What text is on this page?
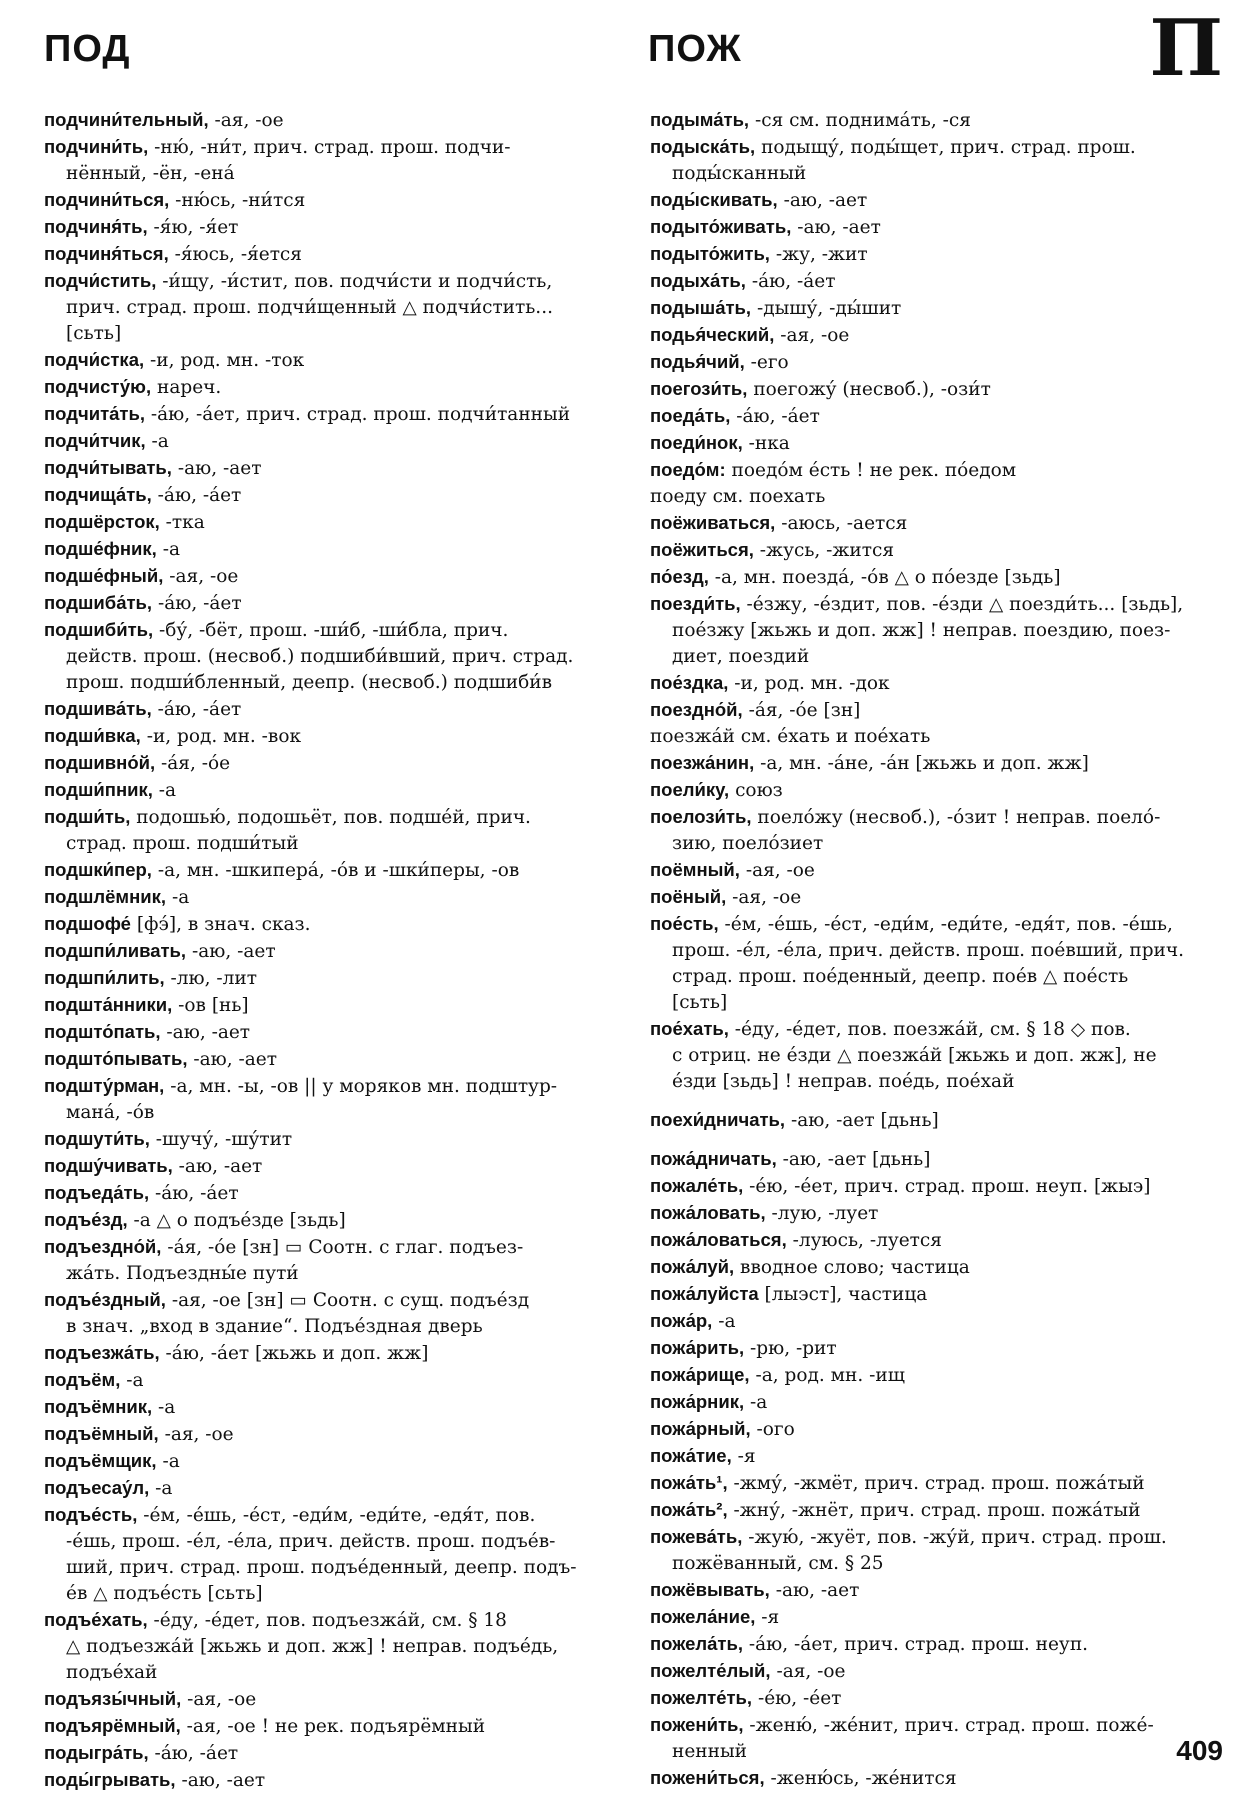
ПОД	ПОЖ	П
подчини́тельный, -ая, -ое
подчини́ть, -ню́, -ни́т, прич. страд. прош. подчи-
нённый, -ён, -ена́
подчини́ться, -ню́сь, -ни́тся
подчиня́ть, -я́ю, -я́ет
подчиня́ться, -я́юсь, -я́ется
подчи́стить, -и́щу, -и́стит, пов. подчи́сти и подчи́сть,
прич. страд. прош. подчи́щенный △ подчи́стить...
[сьть]
подчи́стка, -и, род. мн. -ток
подчисту́ю, нареч.
подчита́ть, -а́ю, -а́ет, прич. страд. прош. подчи́танный
подчи́тчик, -а
подчи́тывать, -аю, -ает
подчища́ть, -а́ю, -а́ет
подшёрсток, -тка
подше́фник, -а
подше́фный, -ая, -ое
подшиба́ть, -а́ю, -а́ет
подшиби́ть, -бу́, -бёт, прош. -ши́б, -ши́бла, прич.
действ. прош. (несвоб.) подшиби́вший, прич. страд.
прош. подши́бленный, деепр. (несвоб.) подшиби́в
подшива́ть, -а́ю, -а́ет
подши́вка, -и, род. мн. -вок
подшивно́й, -а́я, -о́е
подши́пник, -а
подши́ть, подошью́, подошьёт, пов. подше́й, прич.
страд. прош. подши́тый
подшки́пер, -а, мн. -шкипера́, -о́в и -шки́перы, -ов
подшлёмник, -а
подшофе́ [фэ́], в знач. сказ.
подшпи́ливать, -аю, -ает
подшпи́лить, -лю, -лит
подшта́нники, -ов [нь]
подшто́пать, -аю, -ает
подшто́пывать, -аю, -ает
подшту́рман, -а, мн. -ы, -ов || у моряков мн. подштур-
мана́, -о́в
подшути́ть, -шучу́, -шу́тит
подшу́чивать, -аю, -ает
подъеда́ть, -а́ю, -а́ет
подъе́зд, -а △ о подъе́зде [зьдь]
подъездно́й, -а́я, -о́е [зн] ▭ Соотн. с глаг. подъез-
жа́ть. Подъездны́е пути́
подъе́здный, -ая, -ое [зн] ▭ Соотн. с сущ. подъе́зд
в знач. „вход в здание“. Подъе́здная дверь
подъезжа́ть, -а́ю, -а́ет [жьжь и доп. жж]
подъём, -а
подъёмник, -а
подъёмный, -ая, -ое
подъёмщик, -а
подъесау́л, -а
подъе́сть, -е́м, -е́шь, -е́ст, -еди́м, -еди́те, -едя́т, пов.
-е́шь, прош. -е́л, -е́ла, прич. действ. прош. подъе́в-
ший, прич. страд. прош. подъе́денный, деепр. подъ-
е́в △ подъе́сть [сьть]
подъе́хать, -е́ду, -е́дет, пов. подъезжа́й, см. § 18
△ подъезжа́й [жьжь и доп. жж] ! неправ. подъе́дь,
подъе́хай
подъязы́чный, -ая, -ое
подъярёмный, -ая, -ое ! не рек. подъярёмный
подыгра́ть, -а́ю, -а́ет
поды́грывать, -аю, -ает
подыма́ть, -ся см. поднима́ть, -ся
подыска́ть, подыщу́, поды́щет, прич. страд. прош.
поды́сканный
поды́скивать, -аю, -ает
подыто́живать, -аю, -ает
подыто́жить, -жу, -жит
подыха́ть, -а́ю, -а́ет
подыша́ть, -дышу́, -ды́шит
подья́ческий, -ая, -ое
подья́чий, -его
поегози́ть, поегожу́ (несвоб.), -ози́т
поеда́ть, -а́ю, -а́ет
поеди́нок, -нка
поедо́м: поедо́м е́сть ! не рек. по́едом
поеду см. поехать
поёживаться, -аюсь, -ается
поёжиться, -жусь, -жится
по́езд, -а, мн. поезда́, -о́в △ о по́езде [зьдь]
поезди́ть, -е́зжу, -е́здит, пов. -е́зди △ поезди́ть... [зьдь],
пое́зжу [жьжь и доп. жж] ! неправ. поездию, поез-
диет, поездий
пое́здка, -и, род. мн. -док
поездно́й, -а́я, -о́е [зн]
поезжа́й см. е́хать и пое́хать
поезжа́нин, -а, мн. -а́не, -а́н [жьжь и доп. жж]
поели́ку, союз
поелози́ть, поело́жу (несвоб.), -о́зит ! неправ. поело́-
зию, поело́зиет
поёмный, -ая, -ое
поёный, -ая, -ое
пое́сть, -е́м, -е́шь, -е́ст, -еди́м, -еди́те, -едя́т, пов. -е́шь,
прош. -е́л, -е́ла, прич. действ. прош. пое́вший, прич.
страд. прош. пое́денный, деепр. пое́в △ пое́сть
[сьть]
пое́хать, -е́ду, -е́дет, пов. поезжа́й, см. § 18 ◇ пов.
с отриц. не е́зди △ поезжа́й [жьжь и доп. жж], не
е́зди [зьдь] ! неправ. пое́дь, пое́хай
поехи́дничать, -аю, -ает [дьнь]
пожа́дничать, -аю, -ает [дьнь]
пожале́ть, -е́ю, -е́ет, прич. страд. прош. неуп. [жыэ]
пожа́ловать, -лую, -лует
пожа́ловаться, -луюсь, -луется
пожа́луй, вводное слово; частица
пожа́луйста [лыэст], частица
пожа́р, -а
пожа́рить, -рю, -рит
пожа́рище, -а, род. мн. -ищ
пожа́рник, -а
пожа́рный, -ого
пожа́тие, -я
пожа́ть¹, -жму́, -жмёт, прич. страд. прош. пожа́тый
пожа́ть², -жну́, -жнёт, прич. страд. прош. пожа́тый
пожева́ть, -жую́, -жуёт, пов. -жу́й, прич. страд. прош.
пожёванный, см. § 25
пожёвывать, -аю, -ает
пожела́ние, -я
пожела́ть, -а́ю, -а́ет, прич. страд. прош. неуп.
пожелте́лый, -ая, -ое
пожелте́ть, -е́ю, -е́ет
пожени́ть, -женю́, -же́нит, прич. страд. прош. поже́-
ненный
пожени́ться, -женю́сь, -же́нится
409
